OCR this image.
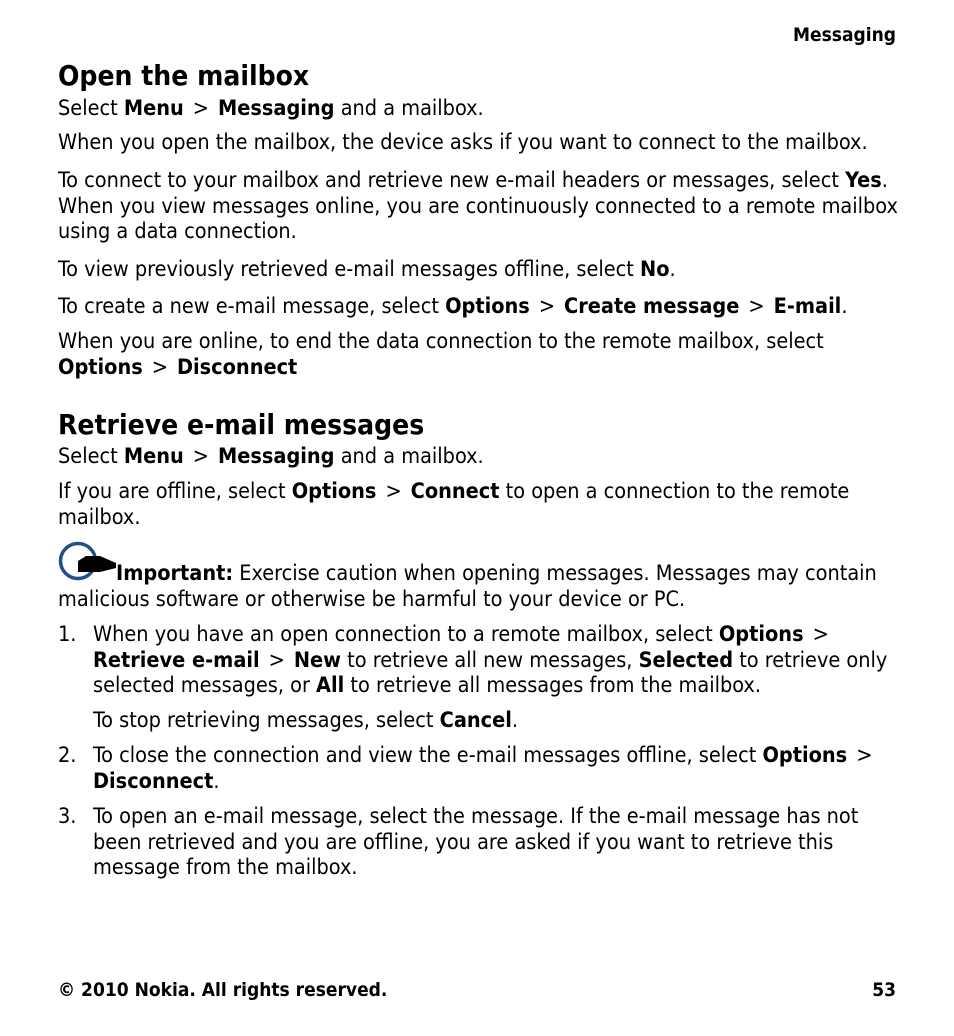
Messaging
Open the mailbox

Select Menu > Messaging and a mailbox.

When you open the mailbox, the device asks if you want to connect to the mailbox.

To connect to your mailbox and retrieve new e-mail headers or messages, select Yes. When you view messages online, you are continuously connected to a remote mailbox using a data connection.

To view previously retrieved e-mail messages offline, select No.

To create a new e-mail message, select Options > Create message > E-mail.

When you are online, to end the data connection to the remote mailbox, select Options > Disconnect

Retrieve e-mail messages

Select Menu > Messaging and a mailbox.

If you are offline, select Options > Connect to open a connection to the remote mailbox.

Important: Exercise caution when opening messages. Messages may contain malicious software or otherwise be harmful to your device or PC.

1. When you have an open connection to a remote mailbox, select Options >Retrieve e-mail > New to retrieve all new messages, Selected to retrieve only selected messages, or All to retrieve all messages from the mailbox.

To stop retrieving messages, select Cancel.

2. To close the connection and view the e-mail messages offline, select Options >Disconnect.

3. To open an e-mail message, select the message. If the e-mail message has not been retrieved and you are offline, you are asked if you want to retrieve this message from the mailbox.

© 2010 Nokia. All rights reserved.	53
